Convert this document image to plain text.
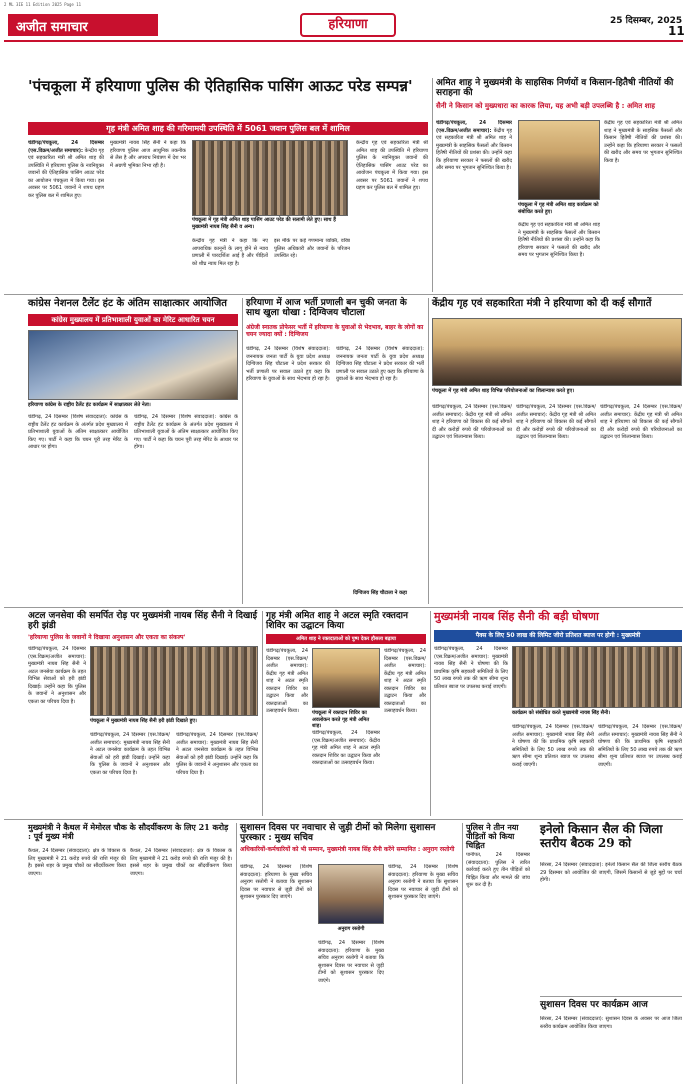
2 ML 3IE 11 Edition 2025 Page 11
अजीत समाचार	हरियाणा	25 दिसम्बर, 2025
11
'पंचकूला में हरियाणा पुलिस की ऐतिहासिक पासिंग आऊट परेड सम्पन्न'
गृह मंत्री अमित शाह की गरिमामयी उपस्थिति में 5061 जवान पुलिस बल में शामिल
चंडीगढ़/पंचकूला, 24 दिसम्बर (एस.विक्रम/अजीत समाचार): केन्द्रीय गृह एवं सहकारिता मंत्री श्री अमित शाह की उपस्थिति में हरियाणा पुलिस के नवनियुक्त जवानों की ऐतिहासिक पासिंग आउट परेड का आयोजन पंचकूला में किया गया। इस अवसर पर 5061 जवानों ने शपथ ग्रहण कर पुलिस बल में शामिल हुए।
मुख्यमंत्री नायब सिंह सैनी ने कहा कि हरियाणा पुलिस आज आधुनिक तकनीक से लैस है और अपराध नियंत्रण में देश भर में अग्रणी भूमिका निभा रही है।
पंचकूला में गृह मंत्री अमित शाह पासिंग आउट परेड की सलामी लेते हुए। साथ हैं मुख्यमंत्री नायब सिंह सैनी व अन्य।
केन्द्रीय गृह मंत्री ने कहा कि नए आपराधिक कानूनों के लागू होने से न्याय प्रणाली में पारदर्शिता आई है और पीड़ितों को शीघ्र न्याय मिल रहा है।
इस मौके पर कई गणमान्य व्यक्ति, वरिष्ठ पुलिस अधिकारी और जवानों के परिजन उपस्थित रहे।
केन्द्रीय गृह एवं सहकारिता मंत्री श्री अमित शाह की उपस्थिति में हरियाणा पुलिस के नवनियुक्त जवानों की ऐतिहासिक पासिंग आउट परेड का आयोजन पंचकूला में किया गया। इस अवसर पर 5061 जवानों ने शपथ ग्रहण कर पुलिस बल में शामिल हुए।
अमित शाह ने मुख्यमंत्री के साहसिक निर्णयों व किसान-हितैषी नीतियों की सराहना की
सैनी ने किसान को मुख्यधारा का कारक लिया, यह अभी बड़ी उपलब्धि है : अमित शाह
चंडीगढ़/पंचकूला, 24 दिसम्बर (एस.विक्रम/अजीत समाचार): केंद्रीय गृह एवं सहकारिता मंत्री श्री अमित शाह ने मुख्यमंत्री के साहसिक फैसलों और किसान हितैषी नीतियों की प्रशंसा की। उन्होंने कहा कि हरियाणा सरकार ने फसलों की खरीद और समय पर भुगतान सुनिश्चित किया है।
पंचकूला में गृह मंत्री अमित शाह कार्यक्रम को संबोधित करते हुए।
केंद्रीय गृह एवं सहकारिता मंत्री श्री अमित शाह ने मुख्यमंत्री के साहसिक फैसलों और किसान हितैषी नीतियों की प्रशंसा की। उन्होंने कहा कि हरियाणा सरकार ने फसलों की खरीद और समय पर भुगतान सुनिश्चित किया है।
केंद्रीय गृह एवं सहकारिता मंत्री श्री अमित शाह ने मुख्यमंत्री के साहसिक फैसलों और किसान हितैषी नीतियों की प्रशंसा की। उन्होंने कहा कि हरियाणा सरकार ने फसलों की खरीद और समय पर भुगतान सुनिश्चित किया है।
कांग्रेस नेशनल टैलेंट हंट के अंतिम साक्षात्कार आयोजित
कांग्रेस मुख्यालय में प्रतिभाशाली युवाओं का मेरिट आधारित चयन
हरियाणा कांग्रेस के राष्ट्रीय टैलेंट हंट कार्यक्रम में साक्षात्कार लेते नेता।
चंडीगढ़, 24 दिसम्बर (विशेष संवाददाता): कांग्रेस के राष्ट्रीय टैलेंट हंट कार्यक्रम के अंतर्गत प्रदेश मुख्यालय में प्रतिभाशाली युवाओं के अंतिम साक्षात्कार आयोजित किए गए। पार्टी ने कहा कि चयन पूरी तरह मेरिट के आधार पर होगा।
चंडीगढ़, 24 दिसम्बर (विशेष संवाददाता): कांग्रेस के राष्ट्रीय टैलेंट हंट कार्यक्रम के अंतर्गत प्रदेश मुख्यालय में प्रतिभाशाली युवाओं के अंतिम साक्षात्कार आयोजित किए गए। पार्टी ने कहा कि चयन पूरी तरह मेरिट के आधार पर होगा।
हरियाणा में आज भर्ती प्रणाली बन चुकी जनता के साथ खुला धोखा : दिग्विजय चौटाला
अंग्रेजी स्नातक प्रोफेसर भर्ती में हरियाणा के युवाओं से भेदभाव, बाहर के लोगों का चयन ज्यादा क्यों : दिग्विजय
चंडीगढ़, 24 दिसम्बर (विशेष संवाददाता): जननायक जनता पार्टी के युवा प्रदेश अध्यक्ष दिग्विजय सिंह चौटाला ने प्रदेश सरकार की भर्ती प्रणाली पर सवाल उठाते हुए कहा कि हरियाणा के युवाओं के साथ भेदभाव हो रहा है।
चंडीगढ़, 24 दिसम्बर (विशेष संवाददाता): जननायक जनता पार्टी के युवा प्रदेश अध्यक्ष दिग्विजय सिंह चौटाला ने प्रदेश सरकार की भर्ती प्रणाली पर सवाल उठाते हुए कहा कि हरियाणा के युवाओं के साथ भेदभाव हो रहा है।
दिग्विजय सिंह चौटाला ने कहा
केंद्रीय गृह एवं सहकारिता मंत्री ने हरियाणा को दी कई सौगातें
पंचकूला में गृह मंत्री अमित शाह विभिन्न परियोजनाओं का शिलान्यास करते हुए।
चंडीगढ़/पंचकूला, 24 दिसम्बर (एस.विक्रम/अजीत समाचार): केंद्रीय गृह मंत्री श्री अमित शाह ने हरियाणा को विकास की कई सौगातें दीं और करोड़ों रुपये की परियोजनाओं का उद्घाटन एवं शिलान्यास किया।
चंडीगढ़/पंचकूला, 24 दिसम्बर (एस.विक्रम/अजीत समाचार): केंद्रीय गृह मंत्री श्री अमित शाह ने हरियाणा को विकास की कई सौगातें दीं और करोड़ों रुपये की परियोजनाओं का उद्घाटन एवं शिलान्यास किया।
चंडीगढ़/पंचकूला, 24 दिसम्बर (एस.विक्रम/अजीत समाचार): केंद्रीय गृह मंत्री श्री अमित शाह ने हरियाणा को विकास की कई सौगातें दीं और करोड़ों रुपये की परियोजनाओं का उद्घाटन एवं शिलान्यास किया।
अटल जनसेवा की समर्पित रोड़ पर मुख्यमंत्री नायब सिंह सैनी ने दिखाई हरी झंडी
'हरियाणा पुलिस के जवानों ने दिखाया अनुशासन और एकता का संकल्प'
चंडीगढ़/पंचकूला, 24 दिसम्बर (एस.विक्रम/अजीत समाचार): मुख्यमंत्री नायब सिंह सैनी ने अटल जनसेवा कार्यक्रम के तहत विभिन्न सेवाओं को हरी झंडी दिखाई। उन्होंने कहा कि पुलिस के जवानों ने अनुशासन और एकता का परिचय दिया है।
पंचकूला में मुख्यमंत्री नायब सिंह सैनी हरी झंडी दिखाते हुए।
चंडीगढ़/पंचकूला, 24 दिसम्बर (एस.विक्रम/अजीत समाचार): मुख्यमंत्री नायब सिंह सैनी ने अटल जनसेवा कार्यक्रम के तहत विभिन्न सेवाओं को हरी झंडी दिखाई। उन्होंने कहा कि पुलिस के जवानों ने अनुशासन और एकता का परिचय दिया है।
चंडीगढ़/पंचकूला, 24 दिसम्बर (एस.विक्रम/अजीत समाचार): मुख्यमंत्री नायब सिंह सैनी ने अटल जनसेवा कार्यक्रम के तहत विभिन्न सेवाओं को हरी झंडी दिखाई। उन्होंने कहा कि पुलिस के जवानों ने अनुशासन और एकता का परिचय दिया है।
गृह मंत्री अमित शाह ने अटल स्मृति रक्तदान शिविर का उद्घाटन किया
अमित शाह ने रक्तदाताओं को पुष्प देकर हौसला बढ़ाया
चंडीगढ़/पंचकूला, 24 दिसम्बर (एस.विक्रम/अजीत समाचार): केंद्रीय गृह मंत्री अमित शाह ने अटल स्मृति रक्तदान शिविर का उद्घाटन किया और रक्तदाताओं का उत्साहवर्धन किया।	पंचकूला में रक्तदान शिविर का अवलोकन करते गृह मंत्री अमित शाह।
चंडीगढ़/पंचकूला, 24 दिसम्बर (एस.विक्रम/अजीत समाचार): केंद्रीय गृह मंत्री अमित शाह ने अटल स्मृति रक्तदान शिविर का उद्घाटन किया और रक्तदाताओं का उत्साहवर्धन किया।
चंडीगढ़/पंचकूला, 24 दिसम्बर (एस.विक्रम/अजीत समाचार): केंद्रीय गृह मंत्री अमित शाह ने अटल स्मृति रक्तदान शिविर का उद्घाटन किया और रक्तदाताओं का उत्साहवर्धन किया।
मुख्यमंत्री नायब सिंह सैनी की बड़ी घोषणा
पैक्स के लिए 50 लाख की लिमिट जीरो प्रतिशत ब्याज पर होगी : मुख्यमंत्री
चंडीगढ़/पंचकूला, 24 दिसम्बर (एस.विक्रम/अजीत समाचार): मुख्यमंत्री नायब सिंह सैनी ने घोषणा की कि प्राथमिक कृषि सहकारी समितियों के लिए 50 लाख रुपये तक की ऋण सीमा शून्य प्रतिशत ब्याज पर उपलब्ध कराई जाएगी।
कार्यक्रम को संबोधित करते मुख्यमंत्री नायब सिंह सैनी।
चंडीगढ़/पंचकूला, 24 दिसम्बर (एस.विक्रम/अजीत समाचार): मुख्यमंत्री नायब सिंह सैनी ने घोषणा की कि प्राथमिक कृषि सहकारी समितियों के लिए 50 लाख रुपये तक की ऋण सीमा शून्य प्रतिशत ब्याज पर उपलब्ध कराई जाएगी।
चंडीगढ़/पंचकूला, 24 दिसम्बर (एस.विक्रम/अजीत समाचार): मुख्यमंत्री नायब सिंह सैनी ने घोषणा की कि प्राथमिक कृषि सहकारी समितियों के लिए 50 लाख रुपये तक की ऋण सीमा शून्य प्रतिशत ब्याज पर उपलब्ध कराई जाएगी।
मुख्यमंत्री ने कैथल में मेमोरल चौक के सौदर्यीकरण के लिए 21 करोड़ : पूर्व मुख्य मंत्री
कैथल, 24 दिसम्बर (संवाददाता): क्षेत्र के विकास के लिए मुख्यमंत्री ने 21 करोड़ रुपये की राशि मंजूर की है। इससे शहर के प्रमुख चौकों का सौंदर्यीकरण किया जाएगा।
कैथल, 24 दिसम्बर (संवाददाता): क्षेत्र के विकास के लिए मुख्यमंत्री ने 21 करोड़ रुपये की राशि मंजूर की है। इससे शहर के प्रमुख चौकों का सौंदर्यीकरण किया जाएगा।
सुशासन दिवस पर नवाचार से जुड़ी टीमों को मिलेगा सुशासन पुरस्कार : मुख्य सचिव
अधिकारियों-कर्मचारियों को भी सम्मान, मुख्यमंत्री नायब सिंह सैनी करेंगे सम्मानित : अनुराग रस्तोगी
चंडीगढ़, 24 दिसम्बर (विशेष संवाददाता): हरियाणा के मुख्य सचिव अनुराग रस्तोगी ने बताया कि सुशासन दिवस पर नवाचार से जुड़ी टीमों को सुशासन पुरस्कार दिए जाएंगे।
अनुराग रस्तोगी
चंडीगढ़, 24 दिसम्बर (विशेष संवाददाता): हरियाणा के मुख्य सचिव अनुराग रस्तोगी ने बताया कि सुशासन दिवस पर नवाचार से जुड़ी टीमों को सुशासन पुरस्कार दिए जाएंगे।
चंडीगढ़, 24 दिसम्बर (विशेष संवाददाता): हरियाणा के मुख्य सचिव अनुराग रस्तोगी ने बताया कि सुशासन दिवस पर नवाचार से जुड़ी टीमों को सुशासन पुरस्कार दिए जाएंगे।
पुलिस ने तीन नया पीड़ितों को किया चिह्नित
पानीपत, 24 दिसम्बर (संवाददाता): पुलिस ने त्वरित कार्रवाई करते हुए तीन पीड़ितों को चिह्नित किया और मामले की जांच शुरू कर दी है।
इनेलो किसान सैल की जिला स्तरीय बैठक 29 को
सिरसा, 24 दिसम्बर (संवाददाता): इनेलो किसान सैल की जिला स्तरीय बैठक 29 दिसम्बर को आयोजित की जाएगी, जिसमें किसानों से जुड़े मुद्दों पर चर्चा होगी।
सुशासन दिवस पर कार्यक्रम आज
सिरसा, 24 दिसम्बर (संवाददाता): सुशासन दिवस के अवसर पर आज जिला स्तरीय कार्यक्रम आयोजित किया जाएगा।
